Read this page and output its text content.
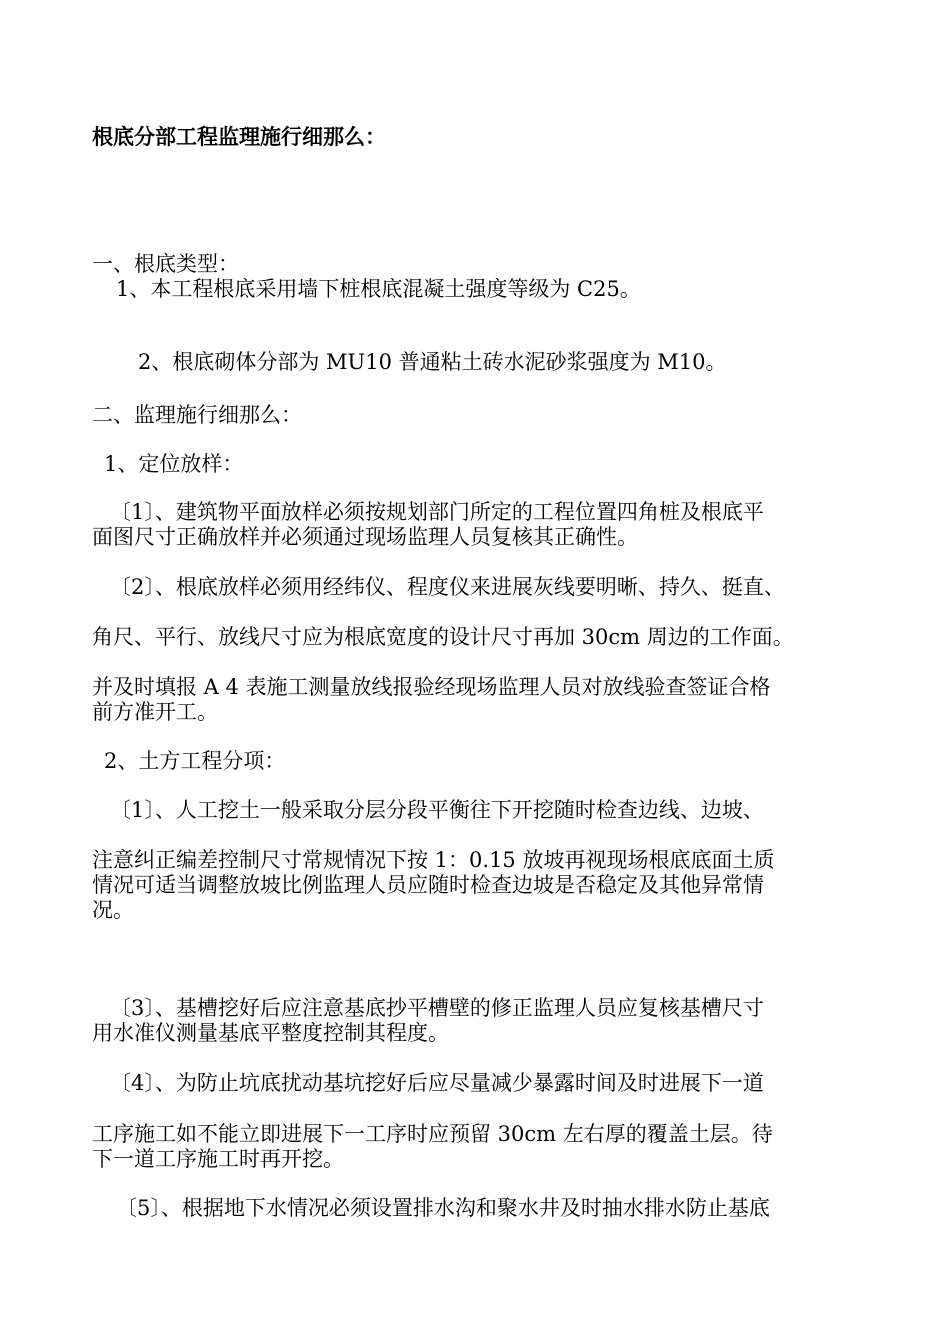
根底分部工程监理施行细那么：
一、根底类型：
1、本工程根底采用墙下桩根底混凝土强度等级为 C25。
2、根底砌体分部为 MU10 普通粘土砖水泥砂浆强度为 M10。
二、监理施行细那么：
1、定位放样：
〔1〕、建筑物平面放样必须按规划部门所定的工程位置四角桩及根底平
面图尺寸正确放样并必须通过现场监理人员复核其正确性。
〔2〕、根底放样必须用经纬仪、程度仪来进展灰线要明晰、持久、挺直、
角尺、平行、放线尺寸应为根底宽度的设计尺寸再加 30cm 周边的工作面。
并及时填报 A 4 表施工测量放线报验经现场监理人员对放线验查签证合格
前方准开工。
2、土方工程分项：
〔1〕、人工挖土一般采取分层分段平衡往下开挖随时检查边线、边坡、
注意纠正编差控制尺寸常规情况下按 1：0.15 放坡再视现场根底底面土质
情况可适当调整放坡比例监理人员应随时检查边坡是否稳定及其他异常情
况。
〔3〕、基槽挖好后应注意基底抄平槽壁的修正监理人员应复核基槽尺寸
用水准仪测量基底平整度控制其程度。
〔4〕、为防止坑底扰动基坑挖好后应尽量减少暴露时间及时进展下一道
工序施工如不能立即进展下一工序时应预留 30cm 左右厚的覆盖土层。待
下一道工序施工时再开挖。
〔5〕、根据地下水情况必须设置排水沟和聚水井及时抽水排水防止基底
